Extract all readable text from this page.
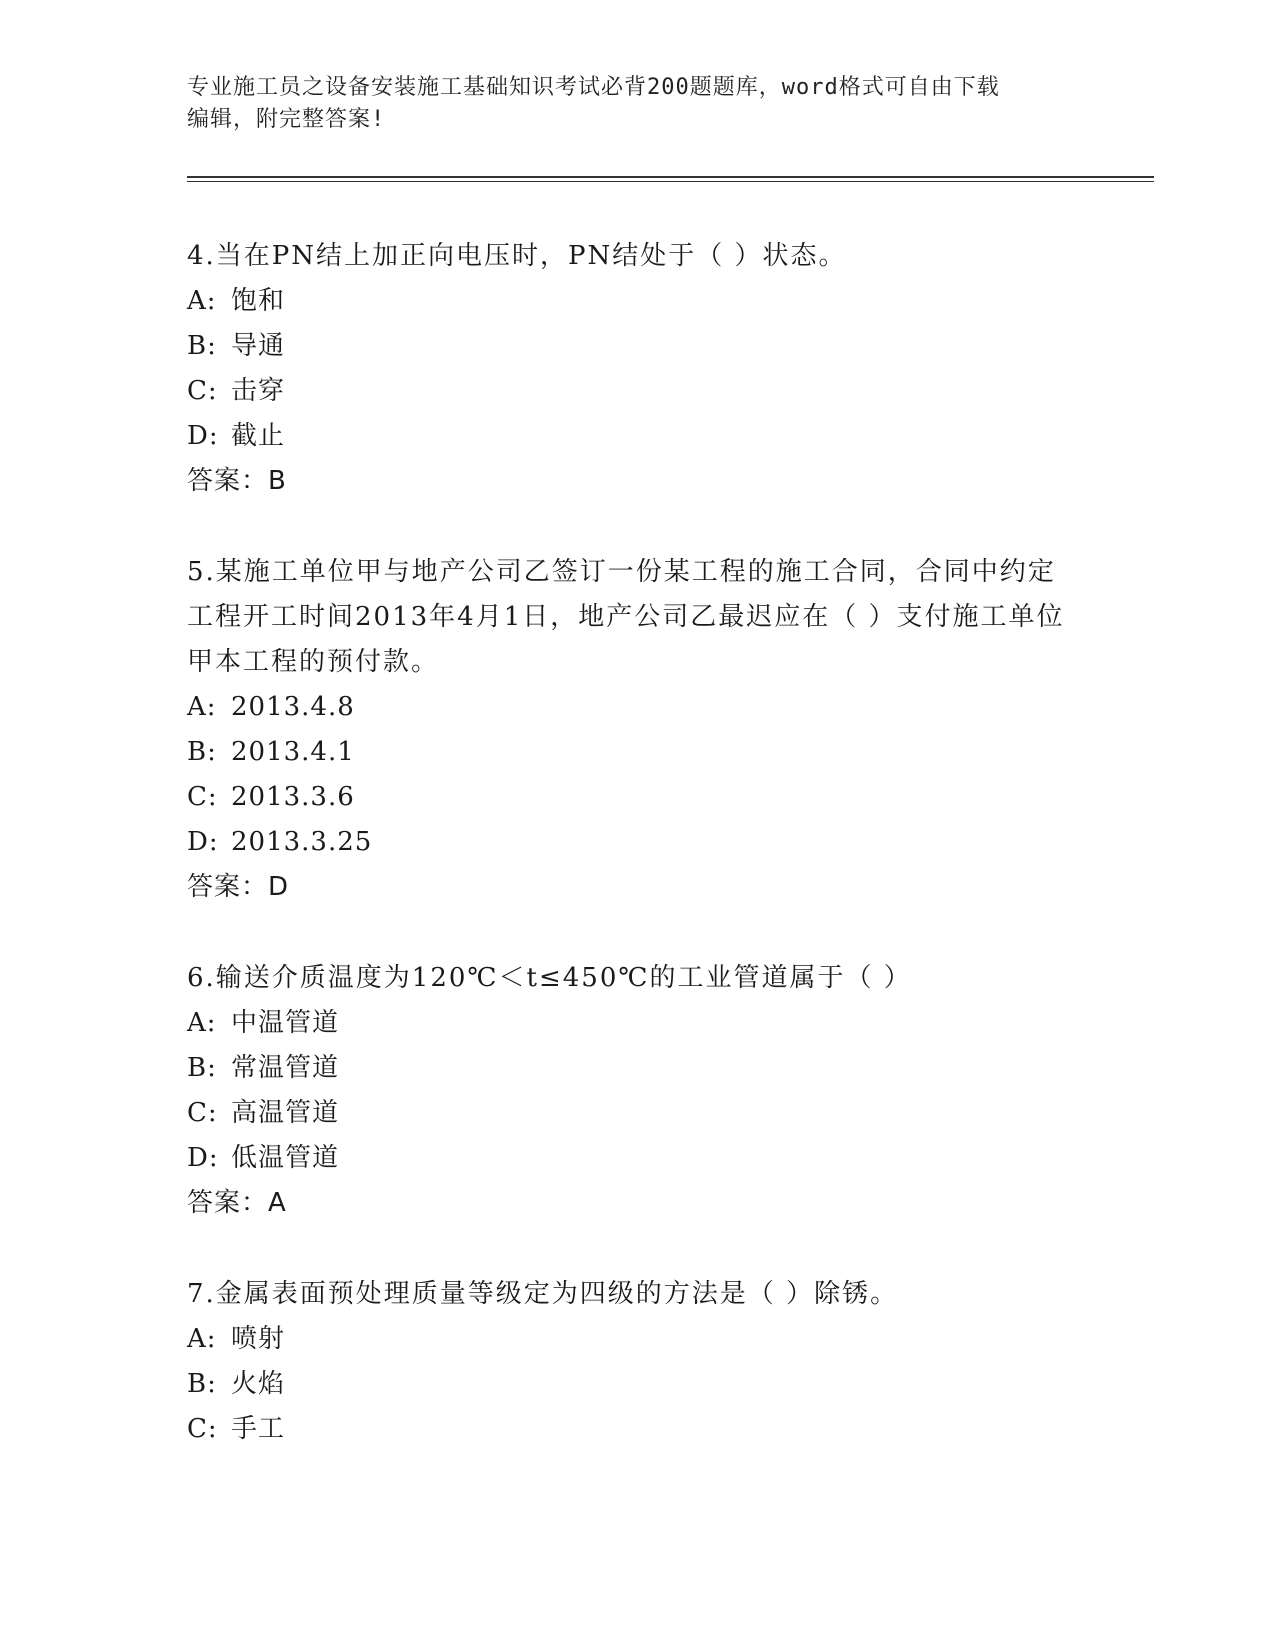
专业施工员之设备安装施工基础知识考试必背200题题库，word格式可自由下载
编辑，附完整答案!

4.当在PN结上加正向电压时，PN结处于（ ）状态。

A: 饱和

B: 导通

C: 击穿

D: 截止

答案：B

5.某施工单位甲与地产公司乙签订一份某工程的施工合同，合同中约定工程开工时间2013年4月1日，地产公司乙最迟应在（ ）支付施工单位甲本工程的预付款。

A: 2013.4.8

B: 2013.4.1

C: 2013.3.6

D: 2013.3.25

答案：D

6.输送介质温度为120℃＜t≤450℃的工业管道属于（ ）

A: 中温管道

B: 常温管道

C: 高温管道

D: 低温管道

答案：A

7.金属表面预处理质量等级定为四级的方法是（ ）除锈。

A: 喷射

B: 火焰

C: 手工
